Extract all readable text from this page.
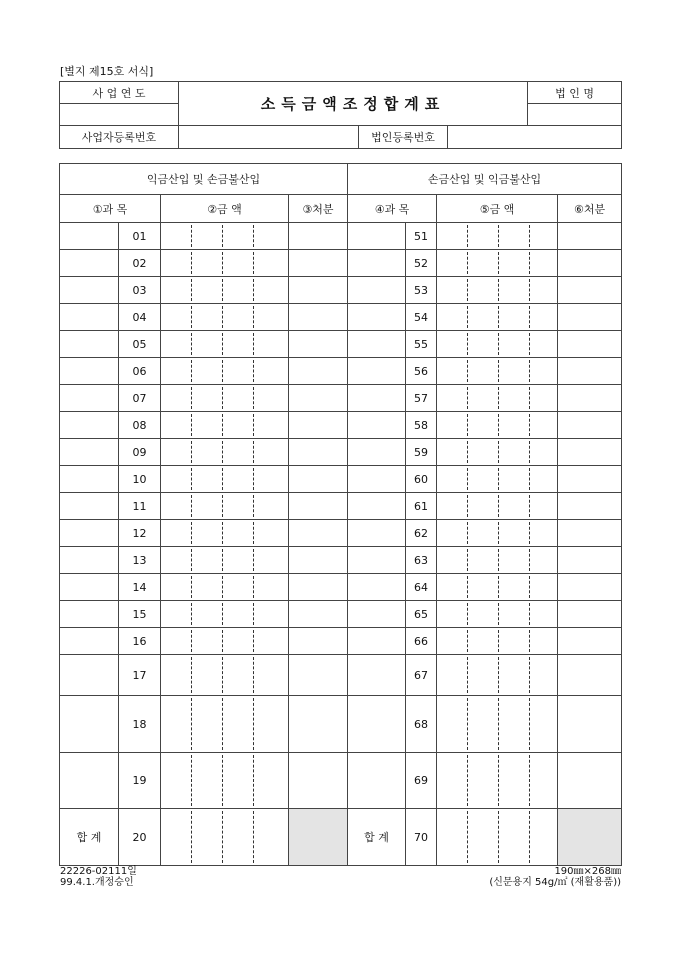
[별지 제15호 서식]
사 업 연 도	소득금액조정합계표			법 인 명

사업자등록번호		법인등록번호		
익금산입 및 손금불산입				손금산입 및 익금불산입			
①과 목		②금 액	③처분	④과 목		⑤금 액	⑥처분
	01				51	

	02				52	

	03				53	

	04				54	

	05				55	

	06				56	

	07				57	

	08				58	

	09				59	

	10				60	

	11				61	

	12				62	

	13				63	

	14				64	

	15				65	

	16				66	

	17				67	

	18				68	

	19				69	

합 계	20			합 계	70	

22226-02111일
99.4.1.개정승인
190㎜×268㎜
(신문용지 54g/㎡ (재활용품))
